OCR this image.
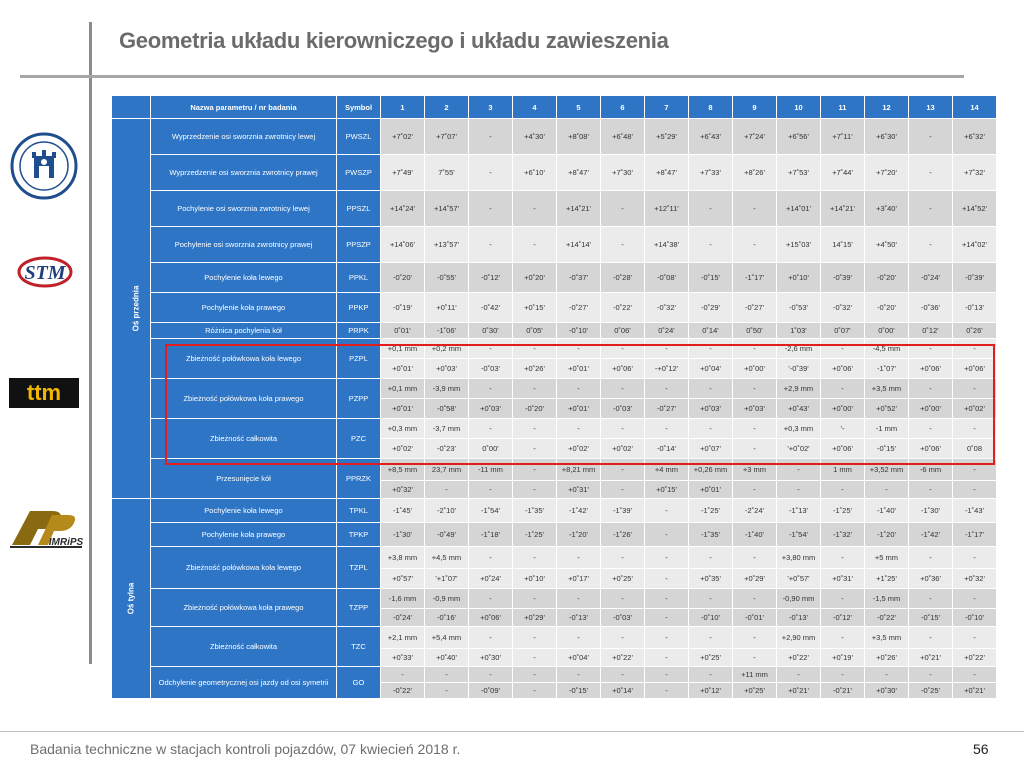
Geometria układu kierowniczego i układu zawieszenia
STM
ttm
IMRiPS
	Nazwa parametru / nr badania	Symbol	1	2	3	4	5	6	7	8	9	10	11	12	13	14
Oś przednia	Wyprzedzenie osi sworznia zwrotnicy lewej	PWSZL	+7˚02'	+7˚07'	-	+4˚30'	+8˚08'	+6˚48'	+5˚29'	+6˚43'	+7˚24'	+6˚56'	+7˚11'	+6˚30'	-	+6˚32'
	Wyprzedzenie osi sworznia zwrotnicy prawej	PWSZP	+7˚49'	7˚55'	-	+6˚10'	+8˚47'	+7˚30'	+8˚47'	+7˚33'	+8˚26'	+7˚53'	+7˚44'	+7˚20'	-	+7˚32'
	Pochylenie osi sworznia zwrotnicy lewej	PPSZL	+14˚24'	+14˚57'	-	-	+14˚21'	-	+12˚11'	-	-	+14˚01'	+14˚21'	+3˚40'	-	+14˚52'
	Pochylenie osi sworznia zwrotnicy prawej	PPSZP	+14˚06'	+13˚57'	-	-	+14˚14'	-	+14˚38'	-	-	+15˚03'	14˚15'	+4˚50'	-	+14˚02'
	Pochylenie koła lewego	PPKL	-0˚20'	-0˚55'	-0˚12'	+0˚20'	-0˚37'	-0˚28'	-0˚08'	-0˚15'	-1˚17'	+0˚10'	-0˚39'	-0˚20'	-0˚24'	-0˚39'
	Pochylenie koła prawego	PPKP	-0˚19'	+0˚11'	-0˚42'	+0˚15'	-0˚27'	-0˚22'	-0˚32'	-0˚29'	-0˚27'	-0˚53'	-0˚32'	-0˚20'	-0˚36'	-0˚13'
	Różnica pochylenia kół	PRPK	0˚01'	-1˚06'	0˚30'	0˚05'	-0˚10'	0˚06'	0˚24'	0˚14'	0˚50'	1˚03'	0˚07'	0˚00'	0˚12'	0˚26'
	Zbieżność połówkowa koła lewego	PZPL	+0,1 mm	+0,2 mm	-	-	-	-	-	-	-	-2,6 mm	-	-4,5 mm	-	-
			+0˚01'	+0˚03'	-0˚03'	+0˚26'	+0˚01'	+0˚06'	-+0˚12'	+0˚04'	+0˚00'	'-0˚39'	+0˚06'	-1˚07'	+0˚06'	+0˚06'
	Zbieżność połówkowa koła prawego	PZPP	+0,1 mm	-3,9 mm	-	-	-	-	-	-	-	+2,9 mm	-	+3,5 mm	-	-
			+0˚01'	-0˚58'	+0˚03'	-0˚20'	+0˚01'	-0˚03'	-0˚27'	+0˚03'	+0˚03'	+0˚43'	+0˚00'	+0˚52'	+0˚00'	+0˚02'
	Zbieżność całkowita	PZC	+0,3 mm	-3,7 mm	-	-	-	-	-	-	-	+0,3 mm	'-	-1 mm	-	-
			+0˚02'	-0˚23'	0˚00'	-	+0˚02'	+0˚02'	-0˚14'	+0˚07'	-	'+0˚02'	+0˚06'	-0˚15'	+0˚06'	0˚08
	Przesunięcie kół	PPRZK	+8,5 mm	23,7 mm	-11 mm	-	+8,21 mm	-	+4 mm	+0,26 mm	+3 mm	-	1 mm	+3,52 mm	-6 mm	-
			+0˚32'	-	-	-	+0˚31'	-	+0˚15'	+0˚01'	-	-	-	-	-	-
Oś tylna	Pochylenie koła lewego	TPKL	-1˚45'	-2˚10'	-1˚54'	-1˚35'	-1˚42'	-1˚39'	-	-1˚25'	-2˚24'	-1˚13'	-1˚25'	-1˚40'	-1˚30'	-1˚43'
	Pochylenie koła prawego	TPKP	-1˚30'	-0˚49'	-1˚18'	-1˚25'	-1˚20'	-1˚26'	-	-1˚35'	-1˚40'	-1˚54'	-1˚32'	-1˚20'	-1˚42'	-1˚17'
	Zbieżność połówkowa koła lewego	TZPL	+3,8 mm	+4,5 mm	-	-	-	-	-	-	-	+3,80 mm	-	+5 mm	-	-
			+0˚57'	'+1˚07'	+0˚24'	+0˚10'	+0˚17'	+0˚25'	-	+0˚35'	+0˚29'	'+0˚57'	+0˚31'	+1˚25'	+0˚36'	+0˚32'
	Zbieżność połówkowa koła prawego	TZPP	-1,6 mm	-0,9 mm	-	-	-	-	-	-	-	-0,90 mm	-	-1,5 mm	-	-
			-0˚24'	-0˚16'	+0˚06'	+0˚29'	-0˚13'	-0˚03'	-	-0˚10'	-0˚01'	-0˚13'	-0˚12'	-0˚22'	-0˚15'	-0˚10'
	Zbieżność całkowita	TZC	+2,1 mm	+5,4 mm	-	-	-	-	-	-	-	+2,90 mm	-	+3,5 mm	-	-
			+0˚33'	+0˚40'	+0˚30'	-	+0˚04'	+0˚22'	-	+0˚25'	-	+0˚22'	+0˚19'	+0˚26'	+0˚21'	+0˚22'
	Odchylenie geometrycznej osi jazdy od osi symetrii	GO	-	-	-	-	-	-	-	-	+11 mm	-	-	-	-	-
			-0˚22'	-	-0˚09'	-	-0˚15'	+0˚14'	-	+0˚12'	+0˚25'	+0˚21'	-0˚21'	+0˚30'	-0˚25'	+0˚21'
Badania techniczne w stacjach kontroli pojazdów, 07 kwiecień 2018 r.	56
